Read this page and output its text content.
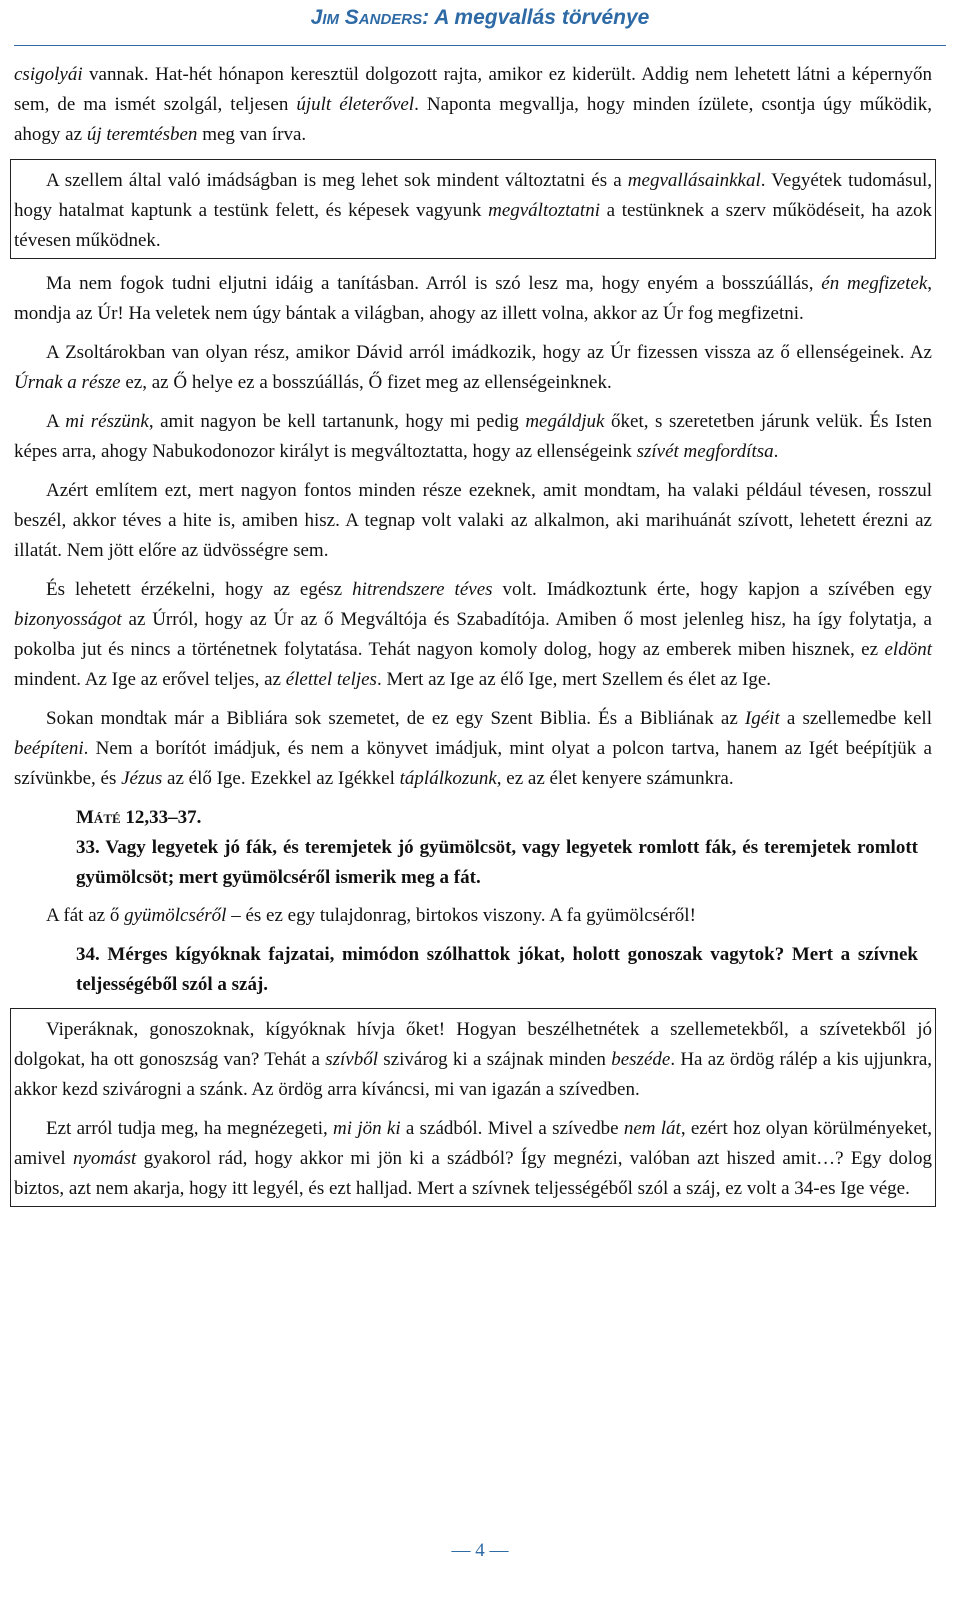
Jim Sanders: A megvallás törvénye

csigolyái vannak. Hat-hét hónapon keresztül dolgozott rajta, amikor ez kiderült. Addig nem lehetett látni a képernyőn sem, de ma ismét szolgál, teljesen újult életerővel. Naponta megvallja, hogy minden ízülete, csontja úgy működik, ahogy az új teremtésben meg van írva.

A szellem által való imádságban is meg lehet sok mindent változtatni és a megvallásainkkal. Vegyétek tudomásul, hogy hatalmat kaptunk a testünk felett, és képesek vagyunk megváltoztatni a testünknek a szerv működéseit, ha azok tévesen működnek.

Ma nem fogok tudni eljutni idáig a tanításban. Arról is szó lesz ma, hogy enyém a bosszúállás, én megfizetek, mondja az Úr! Ha veletek nem úgy bántak a világban, ahogy az illett volna, akkor az Úr fog megfizetni.

A Zsoltárokban van olyan rész, amikor Dávid arról imádkozik, hogy az Úr fizessen vissza az ő ellenségeinek. Az Úrnak a része ez, az Ő helye ez a bosszúállás, Ő fizet meg az ellenségeinknek.

A mi részünk, amit nagyon be kell tartanunk, hogy mi pedig megáldjuk őket, s szeretetben járunk velük. És Isten képes arra, ahogy Nabukodonozor királyt is megváltoztatta, hogy az ellenségeink szívét megfordítsa.

Azért említem ezt, mert nagyon fontos minden része ezeknek, amit mondtam, ha valaki például tévesen, rosszul beszél, akkor téves a hite is, amiben hisz. A tegnap volt valaki az alkalmon, aki marihuánát szívott, lehetett érezni az illatát. Nem jött előre az üdvösségre sem.

És lehetett érzékelni, hogy az egész hitrendszere téves volt. Imádkoztunk érte, hogy kapjon a szívében egy bizonyosságot az Úrról, hogy az Úr az ő Megváltója és Szabadítója. Amiben ő most jelenleg hisz, ha így folytatja, a pokolba jut és nincs a történetnek folytatása. Tehát nagyon komoly dolog, hogy az emberek miben hisznek, ez eldönt mindent. Az Ige az erővel teljes, az élettel teljes. Mert az Ige az élő Ige, mert Szellem és élet az Ige.

Sokan mondtak már a Bibliára sok szemetet, de ez egy Szent Biblia. És a Bibliának az Igéit a szellemedbe kell beépíteni. Nem a borítót imádjuk, és nem a könyvet imádjuk, mint olyat a polcon tartva, hanem az Igét beépítjük a szívünkbe, és Jézus az élő Ige. Ezekkel az Igékkel táplálkozunk, ez az élet kenyere számunkra.

Máté 12,33–37.
33. Vagy legyetek jó fák, és teremjetek jó gyümölcsöt, vagy legyetek romlott fák, és teremjetek romlott gyümölcsöt; mert gyümölcséről ismerik meg a fát.

A fát az ő gyümölcséről – és ez egy tulajdonrag, birtokos viszony. A fa gyümölcséről!

34. Mérges kígyóknak fajzatai, mimódon szólhattok jókat, holott gonoszak vagytok? Mert a szívnek teljességéből szól a száj.

Viperáknak, gonoszoknak, kígyóknak hívja őket! Hogyan beszélhetnétek a szellemetekből, a szívetekből jó dolgokat, ha ott gonoszság van? Tehát a szívből szivárog ki a szájnak minden beszéde. Ha az ördög rálép a kis ujjunkra, akkor kezd szivárogni a szánk. Az ördög arra kíváncsi, mi van igazán a szívedben.

Ezt arról tudja meg, ha megnézegeti, mi jön ki a szádból. Mivel a szívedbe nem lát, ezért hoz olyan körülményeket, amivel nyomást gyakorol rád, hogy akkor mi jön ki a szádból? Így megnézi, valóban azt hiszed amit…? Egy dolog biztos, azt nem akarja, hogy itt legyél, és ezt halljad. Mert a szívnek teljességéből szól a száj, ez volt a 34-es Ige vége.

— 4 —
